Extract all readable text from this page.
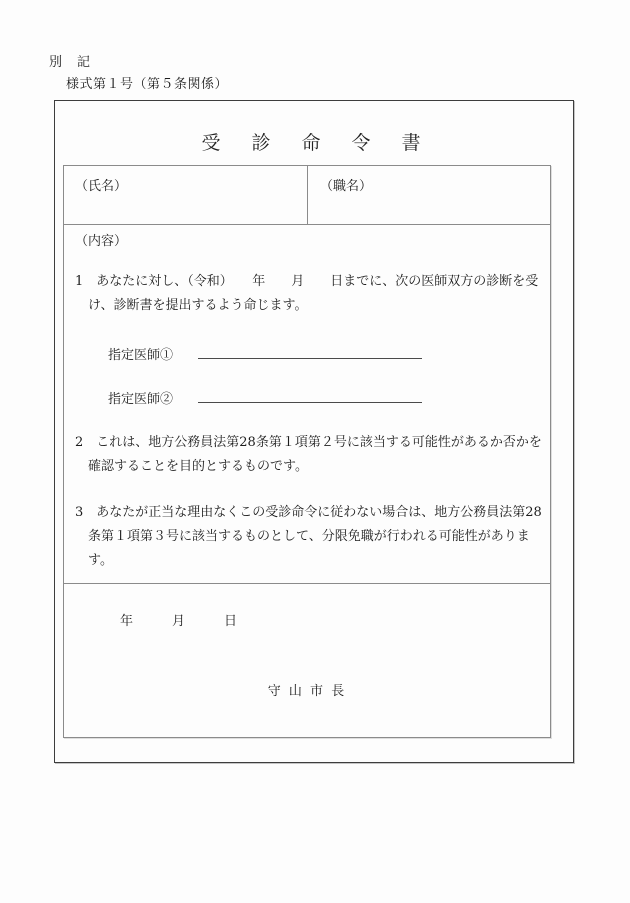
別　記
様式第１号（第５条関係）
受　診　命　令　書
（氏名）	（職名）
（内容）
1　あなたに対し、（令和）　　年　　月　　日までに、次の医師双方の診断を受
け、診断書を提出するよう命じます。
指定医師①
指定医師②
2　これは、地方公務員法第28条第１項第２号に該当する可能性があるか否かを
確認することを目的とするものです。
3　あなたが正当な理由なくこの受診命令に従わない場合は、地方公務員法第28
条第１項第３号に該当するものとして、分限免職が行われる可能性がありま
す。
年　　　月　　　日
守 山 市 長
